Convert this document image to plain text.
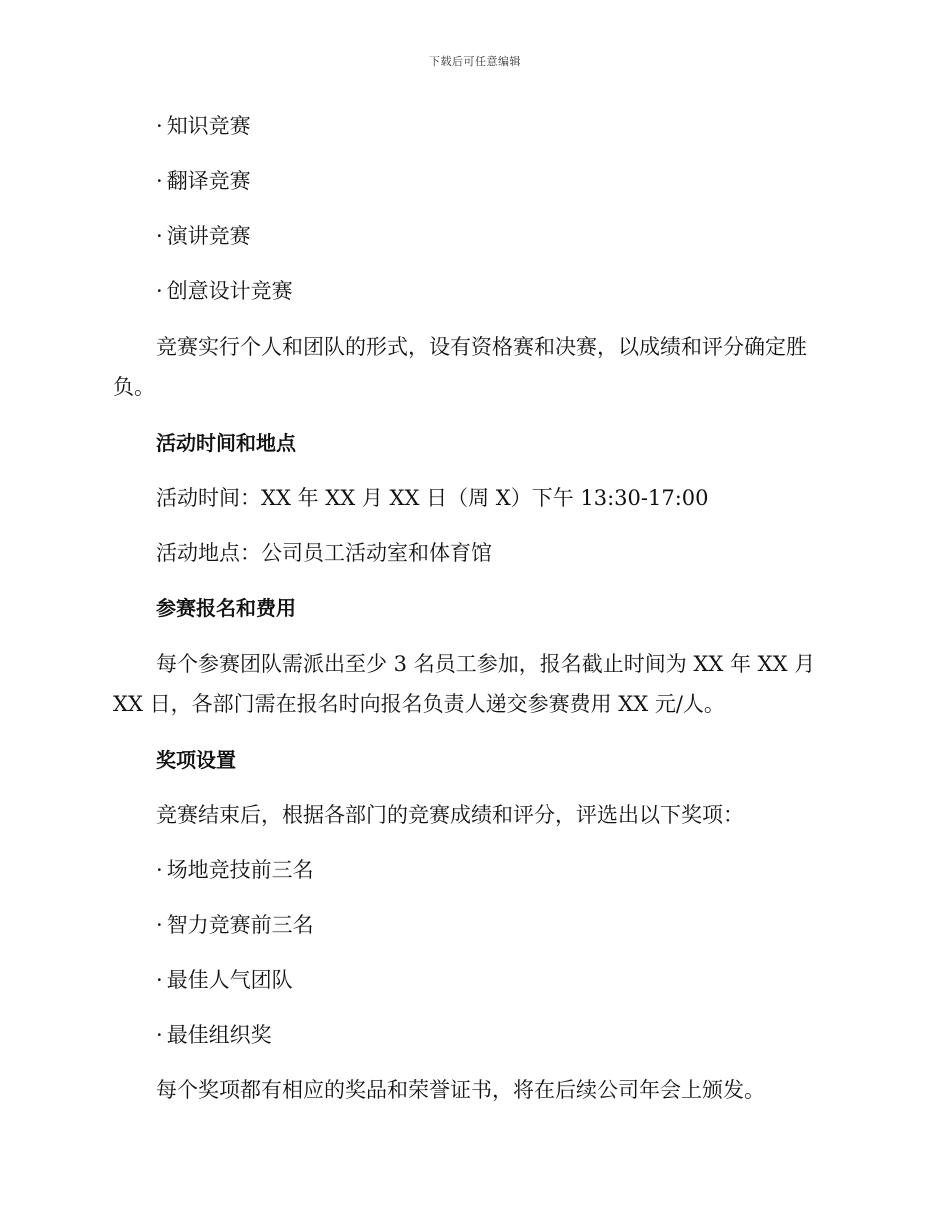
下载后可任意编辑
· 知识竞赛
· 翻译竞赛
· 演讲竞赛
· 创意设计竞赛
竞赛实行个人和团队的形式，设有资格赛和决赛，以成绩和评分确定胜
负。
活动时间和地点
活动时间：XX 年 XX 月 XX 日（周 X）下午 13:30-17:00
活动地点：公司员工活动室和体育馆
参赛报名和费用
每个参赛团队需派出至少 3 名员工参加，报名截止时间为 XX 年 XX 月
XX 日，各部门需在报名时向报名负责人递交参赛费用 XX 元/人。
奖项设置
竞赛结束后，根据各部门的竞赛成绩和评分，评选出以下奖项：
· 场地竞技前三名
· 智力竞赛前三名
· 最佳人气团队
· 最佳组织奖
每个奖项都有相应的奖品和荣誉证书，将在后续公司年会上颁发。
